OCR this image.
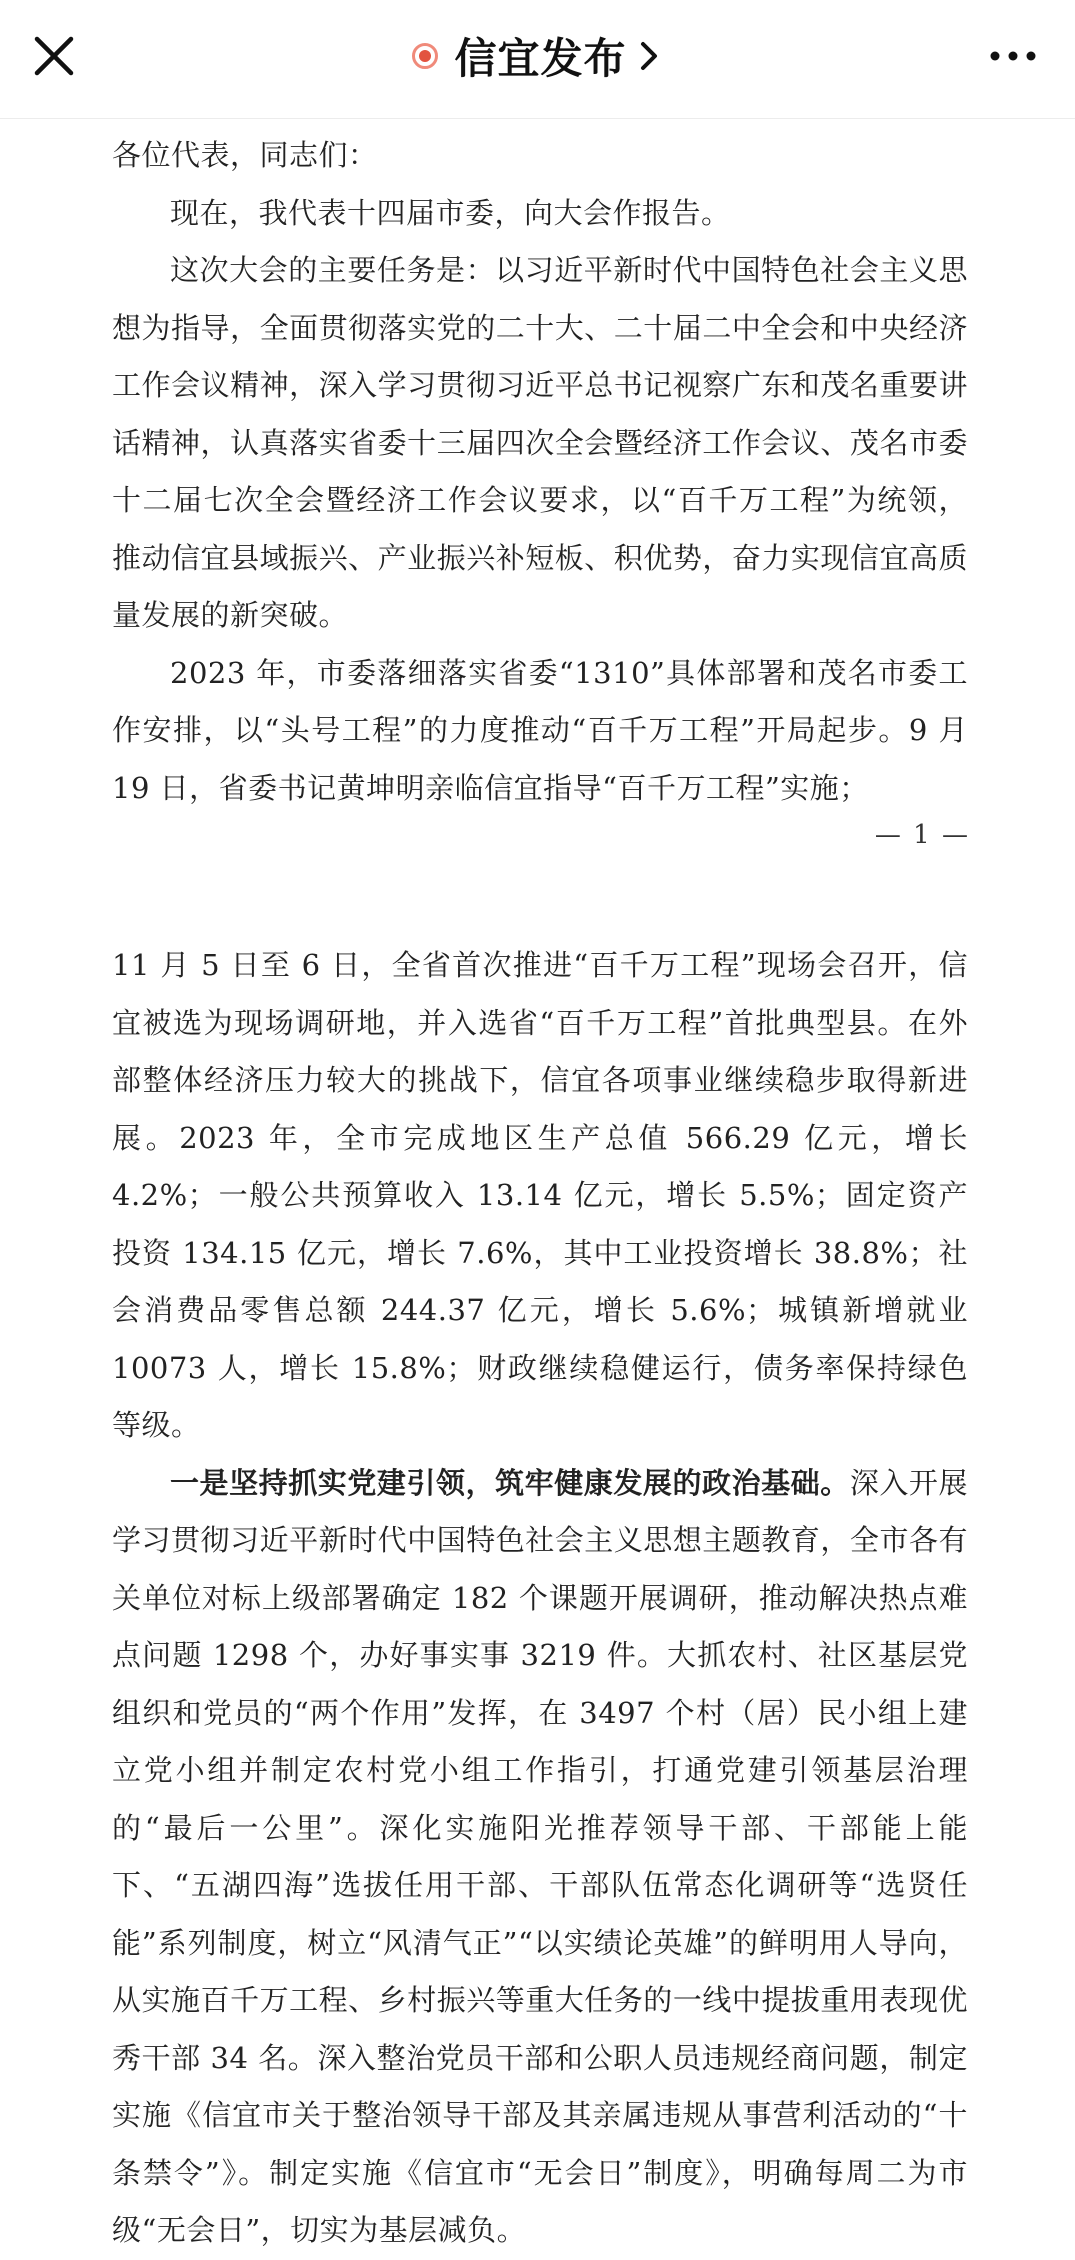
信宜发布

各位代表，同志们：

现在，我代表十四届市委，向大会作报告。

这次大会的主要任务是：以习近平新时代中国特色社会主义思想为指导，全面贯彻落实党的二十大、二十届二中全会和中央经济工作会议精神，深入学习贯彻习近平总书记视察广东和茂名重要讲话精神，认真落实省委十三届四次全会暨经济工作会议、茂名市委十二届七次全会暨经济工作会议要求，以“百千万工程”为统领，推动信宜县域振兴、产业振兴补短板、积优势，奋力实现信宜高质量发展的新突破。

2023 年，市委落细落实省委“1310”具体部署和茂名市委工作安排，以“头号工程”的力度推动“百千万工程”开局起步。9 月 19 日，省委书记黄坤明亲临信宜指导“百千万工程”实施；

— 1 —

11 月 5 日至 6 日，全省首次推进“百千万工程”现场会召开，信宜被选为现场调研地，并入选省“百千万工程”首批典型县。在外部整体经济压力较大的挑战下，信宜各项事业继续稳步取得新进展。2023 年，全市完成地区生产总值 566.29 亿元，增长 4.2%；一般公共预算收入 13.14 亿元，增长 5.5%；固定资产投资 134.15 亿元，增长 7.6%，其中工业投资增长 38.8%；社会消费品零售总额 244.37 亿元，增长 5.6%；城镇新增就业 10073 人，增长 15.8%；财政继续稳健运行，债务率保持绿色等级。

一是坚持抓实党建引领，筑牢健康发展的政治基础。深入开展学习贯彻习近平新时代中国特色社会主义思想主题教育，全市各有关单位对标上级部署确定 182 个课题开展调研，推动解决热点难点问题 1298 个，办好事实事 3219 件。大抓农村、社区基层党组织和党员的“两个作用”发挥，在 3497 个村（居）民小组上建立党小组并制定农村党小组工作指引，打通党建引领基层治理的“最后一公里”。深化实施阳光推荐领导干部、干部能上能下、“五湖四海”选拔任用干部、干部队伍常态化调研等“选贤任能”系列制度，树立“风清气正”“以实绩论英雄”的鲜明用人导向，从实施百千万工程、乡村振兴等重大任务的一线中提拔重用表现优秀干部 34 名。深入整治党员干部和公职人员违规经商问题，制定实施《信宜市关于整治领导干部及其亲属违规从事营利活动的“十条禁令”》。制定实施《信宜市“无会日”制度》，明确每周二为市级“无会日”，切实为基层减负。
